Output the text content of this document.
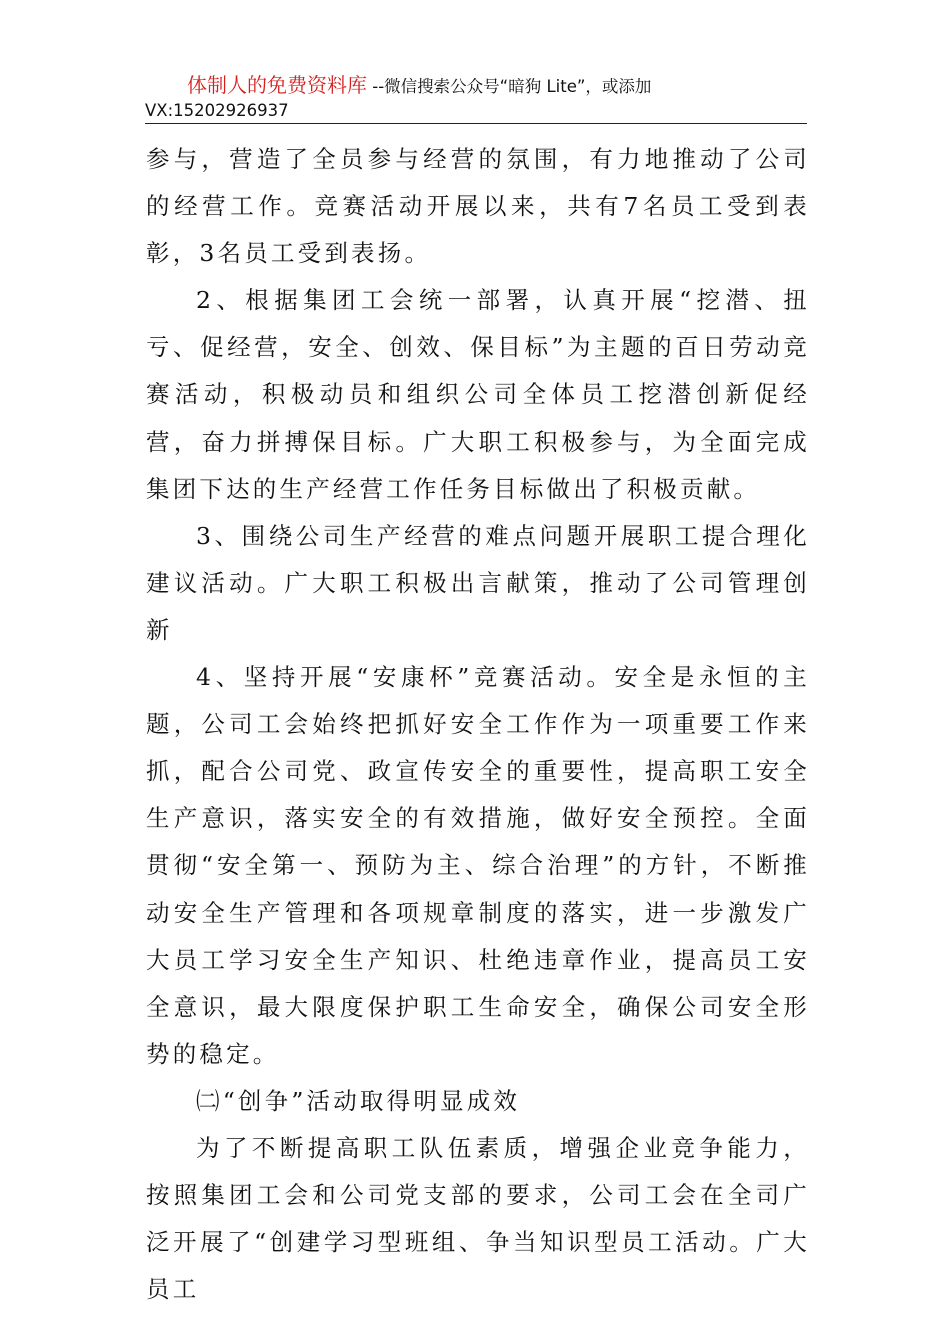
体制人的免费资料库 --微信搜索公众号“暗狗 Lite”，或添加
VX:15202926937

参与，营造了全员参与经营的氛围，有力地推动了公司的经营工作。竞赛活动开展以来，共有7名员工受到表彰，3名员工受到表扬。

2、根据集团工会统一部署，认真开展“挖潜、扭亏、促经营，安全、创效、保目标”为主题的百日劳动竞赛活动，积极动员和组织公司全体员工挖潜创新促经营，奋力拼搏保目标。广大职工积极参与，为全面完成集团下达的生产经营工作任务目标做出了积极贡献。

3、围绕公司生产经营的难点问题开展职工提合理化建议活动。广大职工积极出言献策，推动了公司管理创新

4、坚持开展“安康杯”竞赛活动。安全是永恒的主题，公司工会始终把抓好安全工作作为一项重要工作来抓，配合公司党、政宣传安全的重要性，提高职工安全生产意识，落实安全的有效措施，做好安全预控。全面贯彻“安全第一、预防为主、综合治理”的方针，不断推动安全生产管理和各项规章制度的落实，进一步激发广大员工学习安全生产知识、杜绝违章作业，提高员工安全意识，最大限度保护职工生命安全，确保公司安全形势的稳定。

㈡“创争”活动取得明显成效

为了不断提高职工队伍素质，增强企业竞争能力，按照集团工会和公司党支部的要求，公司工会在全司广泛开展了“创建学习型班组、争当知识型员工活动。广大员工
